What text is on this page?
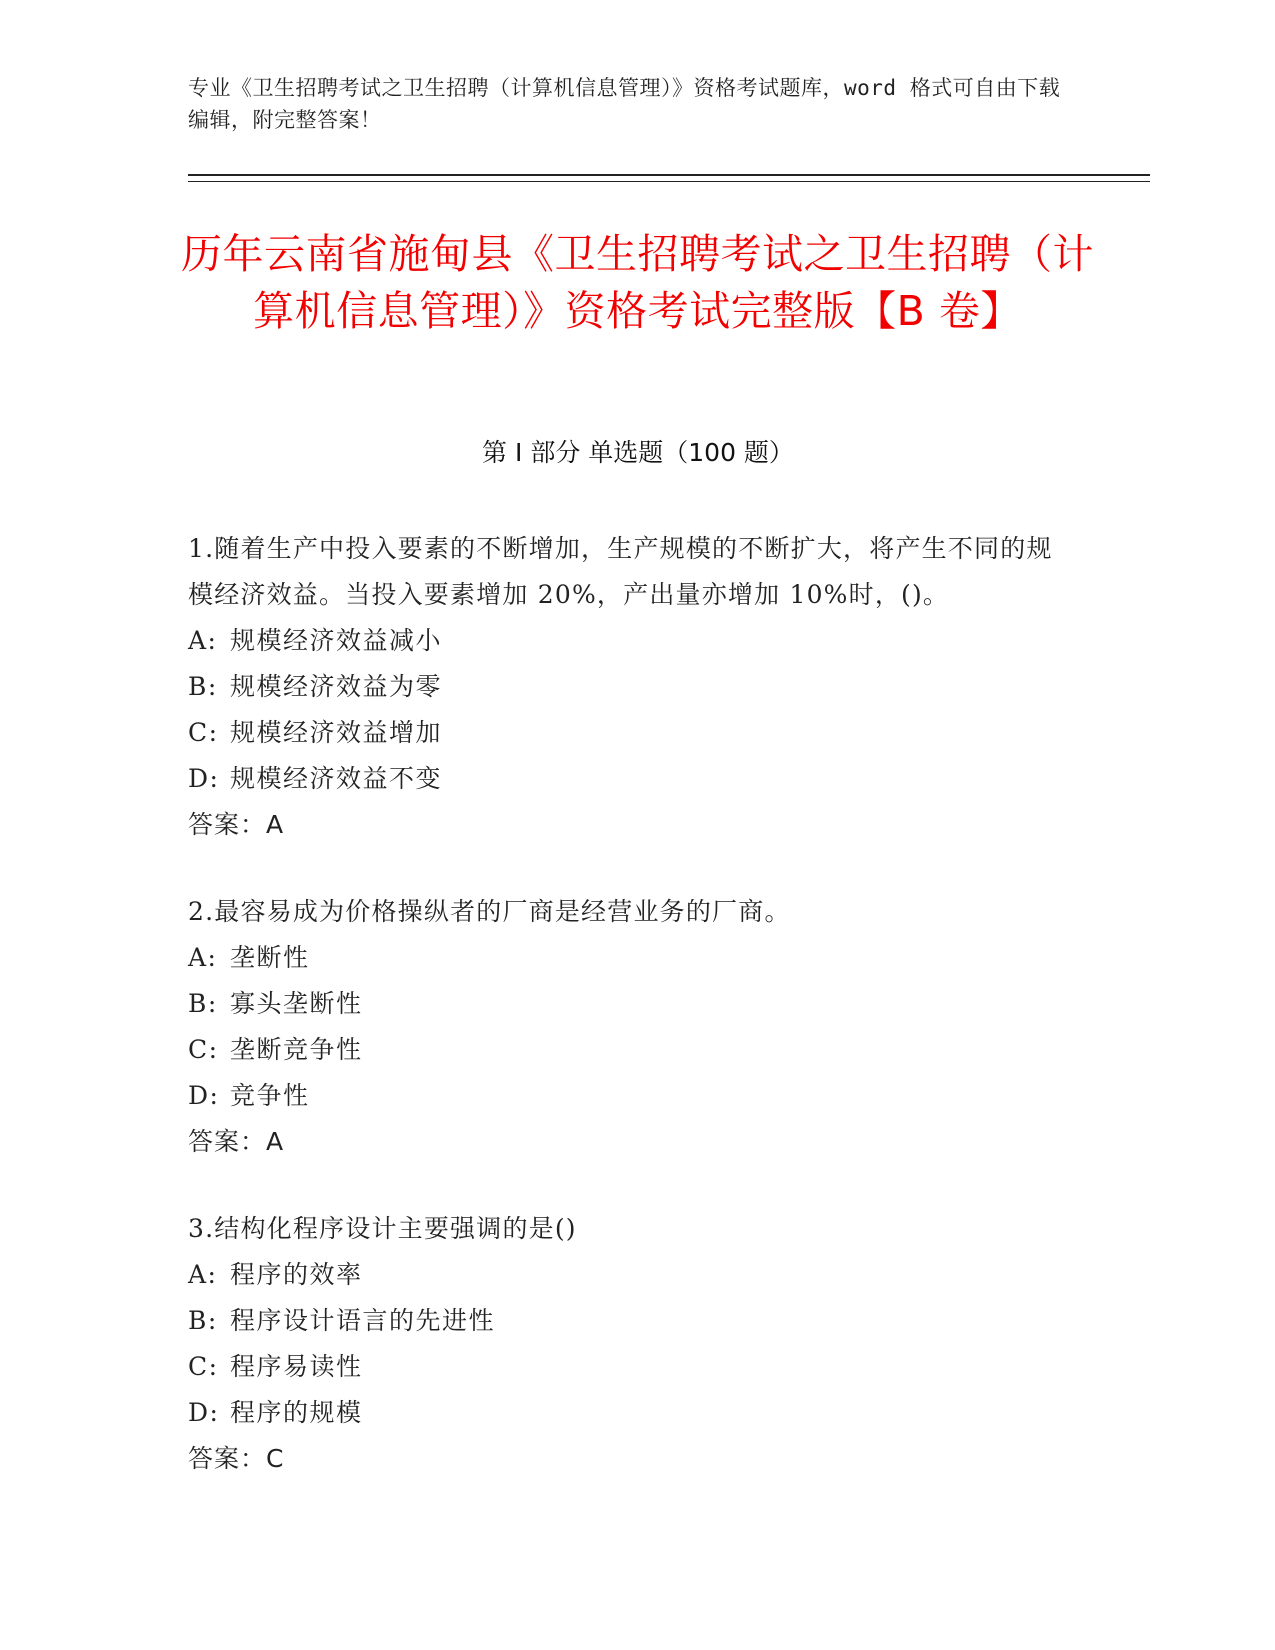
专业《卫生招聘考试之卫生招聘（计算机信息管理）》资格考试题库，word 格式可自由下载编辑，附完整答案！
历年云南省施甸县《卫生招聘考试之卫生招聘（计算机信息管理）》资格考试完整版【B 卷】
第 I 部分 单选题（100 题）
1.随着生产中投入要素的不断增加，生产规模的不断扩大，将产生不同的规模经济效益。当投入要素增加 20%，产出量亦增加 10%时，()。
A: 规模经济效益减小
B: 规模经济效益为零
C: 规模经济效益增加
D: 规模经济效益不变
答案：A
2.最容易成为价格操纵者的厂商是经营业务的厂商。
A: 垄断性
B: 寡头垄断性
C: 垄断竞争性
D: 竞争性
答案：A
3.结构化程序设计主要强调的是()
A: 程序的效率
B: 程序设计语言的先进性
C: 程序易读性
D: 程序的规模
答案：C
